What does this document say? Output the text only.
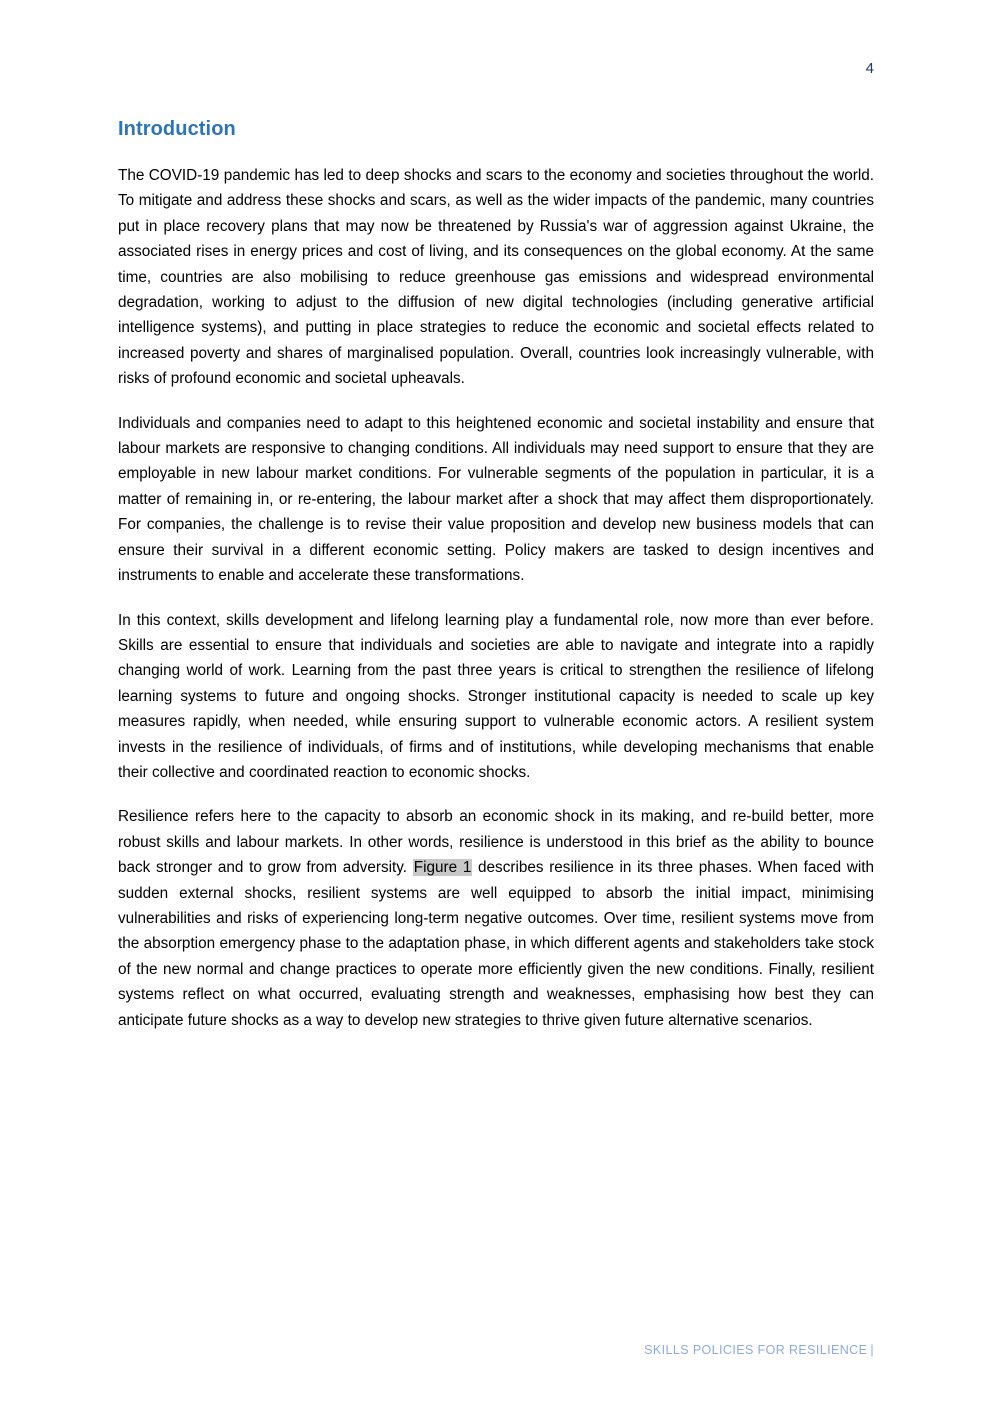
4
Introduction

The COVID-19 pandemic has led to deep shocks and scars to the economy and societies throughout the world. To mitigate and address these shocks and scars, as well as the wider impacts of the pandemic, many countries put in place recovery plans that may now be threatened by Russia's war of aggression against Ukraine, the associated rises in energy prices and cost of living, and its consequences on the global economy. At the same time, countries are also mobilising to reduce greenhouse gas emissions and widespread environmental degradation, working to adjust to the diffusion of new digital technologies (including generative artificial intelligence systems), and putting in place strategies to reduce the economic and societal effects related to increased poverty and shares of marginalised population. Overall, countries look increasingly vulnerable, with risks of profound economic and societal upheavals.

Individuals and companies need to adapt to this heightened economic and societal instability and ensure that labour markets are responsive to changing conditions. All individuals may need support to ensure that they are employable in new labour market conditions. For vulnerable segments of the population in particular, it is a matter of remaining in, or re-entering, the labour market after a shock that may affect them disproportionately. For companies, the challenge is to revise their value proposition and develop new business models that can ensure their survival in a different economic setting. Policy makers are tasked to design incentives and instruments to enable and accelerate these transformations.

In this context, skills development and lifelong learning play a fundamental role, now more than ever before. Skills are essential to ensure that individuals and societies are able to navigate and integrate into a rapidly changing world of work. Learning from the past three years is critical to strengthen the resilience of lifelong learning systems to future and ongoing shocks. Stronger institutional capacity is needed to scale up key measures rapidly, when needed, while ensuring support to vulnerable economic actors. A resilient system invests in the resilience of individuals, of firms and of institutions, while developing mechanisms that enable their collective and coordinated reaction to economic shocks.

Resilience refers here to the capacity to absorb an economic shock in its making, and re-build better, more robust skills and labour markets. In other words, resilience is understood in this brief as the ability to bounce back stronger and to grow from adversity. Figure 1 describes resilience in its three phases. When faced with sudden external shocks, resilient systems are well equipped to absorb the initial impact, minimising vulnerabilities and risks of experiencing long-term negative outcomes. Over time, resilient systems move from the absorption emergency phase to the adaptation phase, in which different agents and stakeholders take stock of the new normal and change practices to operate more efficiently given the new conditions. Finally, resilient systems reflect on what occurred, evaluating strength and weaknesses, emphasising how best they can anticipate future shocks as a way to develop new strategies to thrive given future alternative scenarios.

SKILLS POLICIES FOR RESILIENCE |
